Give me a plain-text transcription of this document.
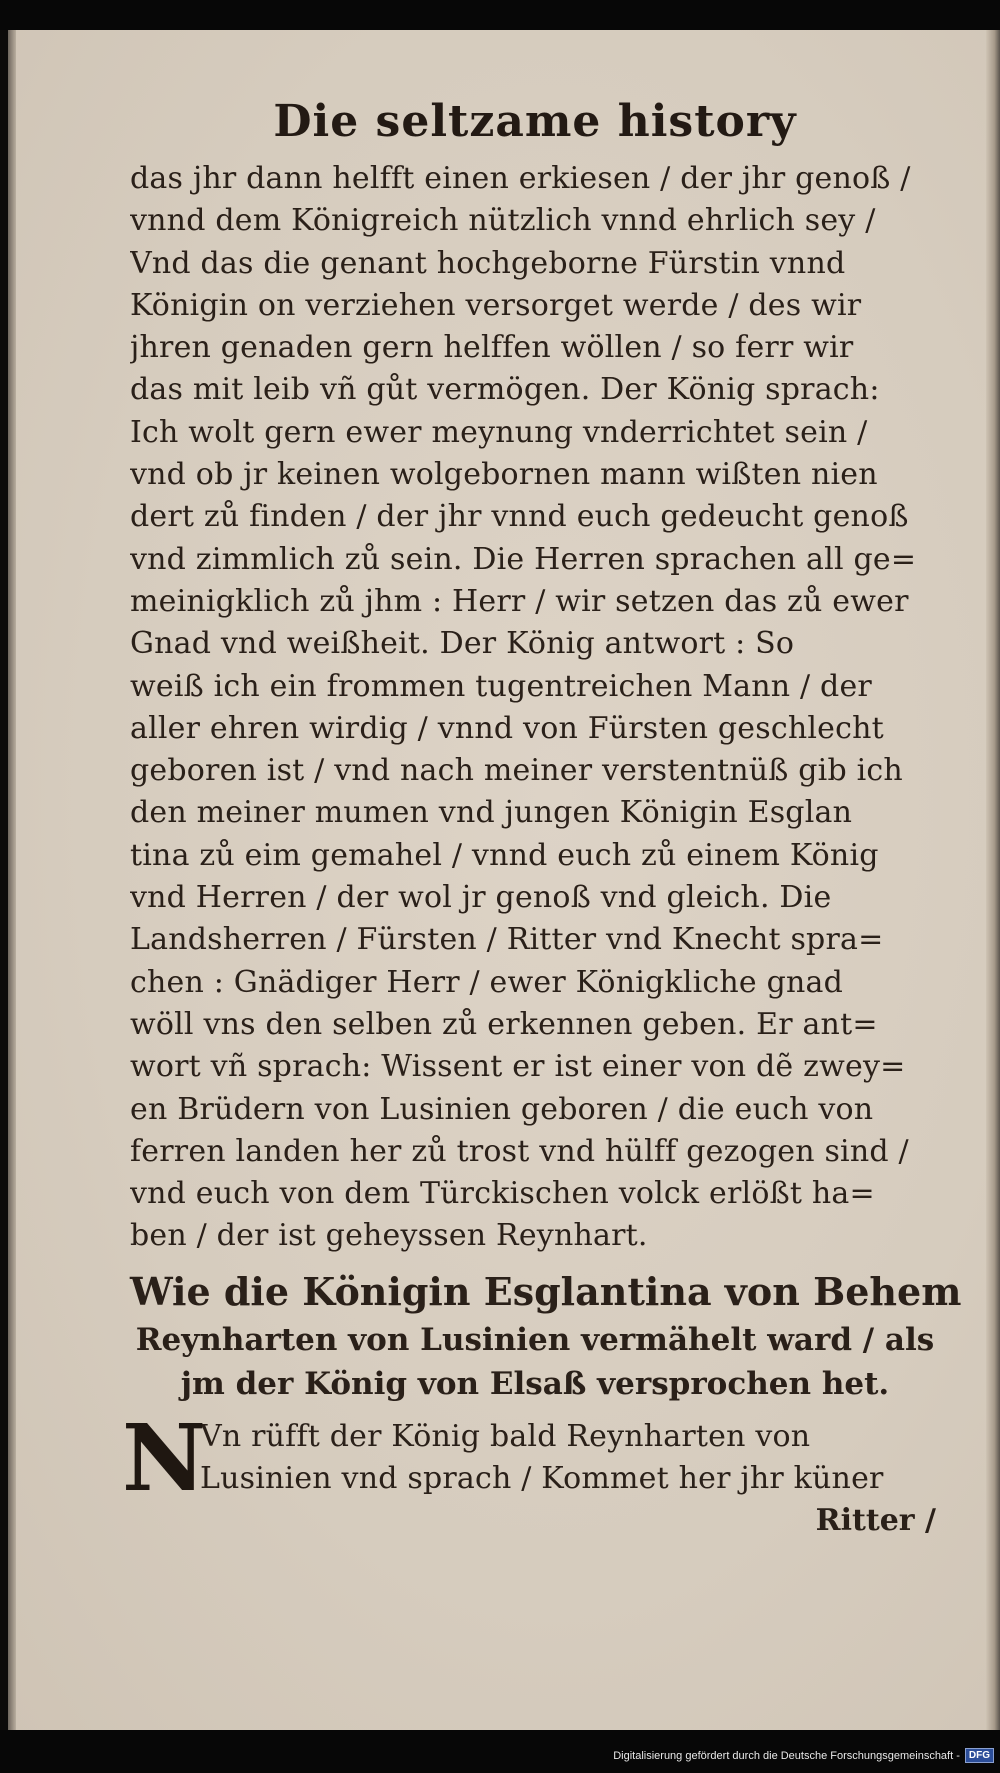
Die seltzame history
das jhr dann helfft einen erkiesen / der jhr genoß /
vnnd dem Königreich nützlich vnnd ehrlich sey /
Vnd das die genant hochgeborne Fürstin vnnd
Königin on verziehen versorget werde / des wir
jhren genaden gern helffen wöllen / so ferr wir
das mit leib vñ gůt vermögen. Der König sprach:
Ich wolt gern ewer meynung vnderrichtet sein /
vnd ob jr keinen wolgebornen mann wißten nien
dert zů finden / der jhr vnnd euch gedeucht genoß
vnd zimmlich zů sein. Die Herren sprachen all ge=
meinigklich zů jhm : Herr / wir setzen das zů ewer
Gnad vnd weißheit. Der König antwort : So
weiß ich ein frommen tugentreichen Mann / der
aller ehren wirdig / vnnd von Fürsten geschlecht
geboren ist / vnd nach meiner verstentnüß gib ich
den meiner mumen vnd jungen Königin Esglan
tina zů eim gemahel / vnnd euch zů einem König
vnd Herren / der wol jr genoß vnd gleich. Die
Landsherren / Fürsten / Ritter vnd Knecht spra=
chen : Gnädiger Herr / ewer Königkliche gnad
wöll vns den selben zů erkennen geben. Er ant=
wort vñ sprach: Wissent er ist einer von dẽ zwey=
en Brüdern von Lusinien geboren / die euch von
ferren landen her zů trost vnd hülff gezogen sind /
vnd euch von dem Türckischen volck erlößt ha=
ben / der ist geheyssen Reynhart.
Wie die Königin Esglantina von Behem
Reynharten von Lusinien vermähelt ward / als
jm der König von Elsaß versprochen het.
N
Vn rüfft der König bald Reynharten von
Lusinien vnd sprach / Kommet her jhr küner
Ritter /
Digitalisierung gefördert durch die Deutsche Forschungsgemeinschaft - DFG
